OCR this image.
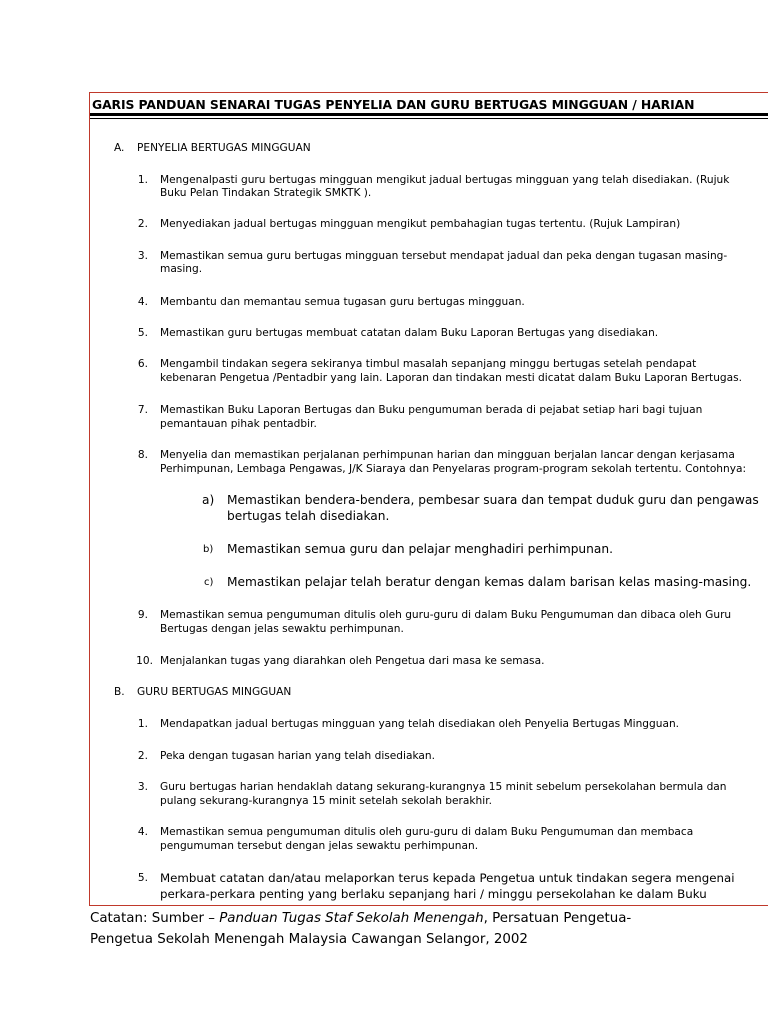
GARIS PANDUAN SENARAI TUGAS PENYELIA DAN GURU BERTUGAS MINGGUAN / HARIAN
A. PENYELIA BERTUGAS MINGGUAN
1. Mengenalpasti guru bertugas mingguan mengikut jadual bertugas mingguan yang telah disediakan. (Rujuk
Buku Pelan Tindakan Strategik SMKTK ).
2. Menyediakan jadual bertugas mingguan mengikut pembahagian tugas tertentu. (Rujuk Lampiran)
3. Memastikan semua guru bertugas mingguan tersebut mendapat jadual dan peka dengan tugasan masing-
masing.
4. Membantu dan memantau semua tugasan guru bertugas mingguan.
5. Memastikan guru bertugas membuat catatan dalam Buku Laporan Bertugas yang disediakan.
6. Mengambil tindakan segera sekiranya timbul masalah sepanjang minggu bertugas setelah pendapat
kebenaran Pengetua /Pentadbir yang lain. Laporan dan tindakan mesti dicatat dalam Buku Laporan Bertugas.
7. Memastikan Buku Laporan Bertugas dan Buku pengumuman berada di pejabat setiap hari bagi tujuan
pemantauan pihak pentadbir.
8. Menyelia dan memastikan perjalanan perhimpunan harian dan mingguan berjalan lancar dengan kerjasama
Perhimpunan, Lembaga Pengawas, J/K Siaraya dan Penyelaras program-program sekolah tertentu. Contohnya:
a) Memastikan bendera-bendera, pembesar suara dan tempat duduk guru dan pengawas
bertugas telah disediakan.
b) Memastikan semua guru dan pelajar menghadiri perhimpunan.
c) Memastikan pelajar telah beratur dengan kemas dalam barisan kelas masing-masing.
9. Memastikan semua pengumuman ditulis oleh guru-guru di dalam Buku Pengumuman dan dibaca oleh Guru
Bertugas dengan jelas sewaktu perhimpunan.
10. Menjalankan tugas yang diarahkan oleh Pengetua dari masa ke semasa.
B. GURU BERTUGAS MINGGUAN
1. Mendapatkan jadual bertugas mingguan yang telah disediakan oleh Penyelia Bertugas Mingguan.
2. Peka dengan tugasan harian yang telah disediakan.
3. Guru bertugas harian hendaklah datang sekurang-kurangnya 15 minit sebelum persekolahan bermula dan
pulang sekurang-kurangnya 15 minit setelah sekolah berakhir.
4. Memastikan semua pengumuman ditulis oleh guru-guru di dalam Buku Pengumuman dan membaca
pengumuman tersebut dengan jelas sewaktu perhimpunan.
5. Membuat catatan dan/atau melaporkan terus kepada Pengetua untuk tindakan segera mengenai
perkara-perkara penting yang berlaku sepanjang hari / minggu persekolahan ke dalam Buku
Catatan: Sumber – Panduan Tugas Staf Sekolah Menengah, Persatuan Pengetua-
Pengetua Sekolah Menengah Malaysia Cawangan Selangor, 2002
